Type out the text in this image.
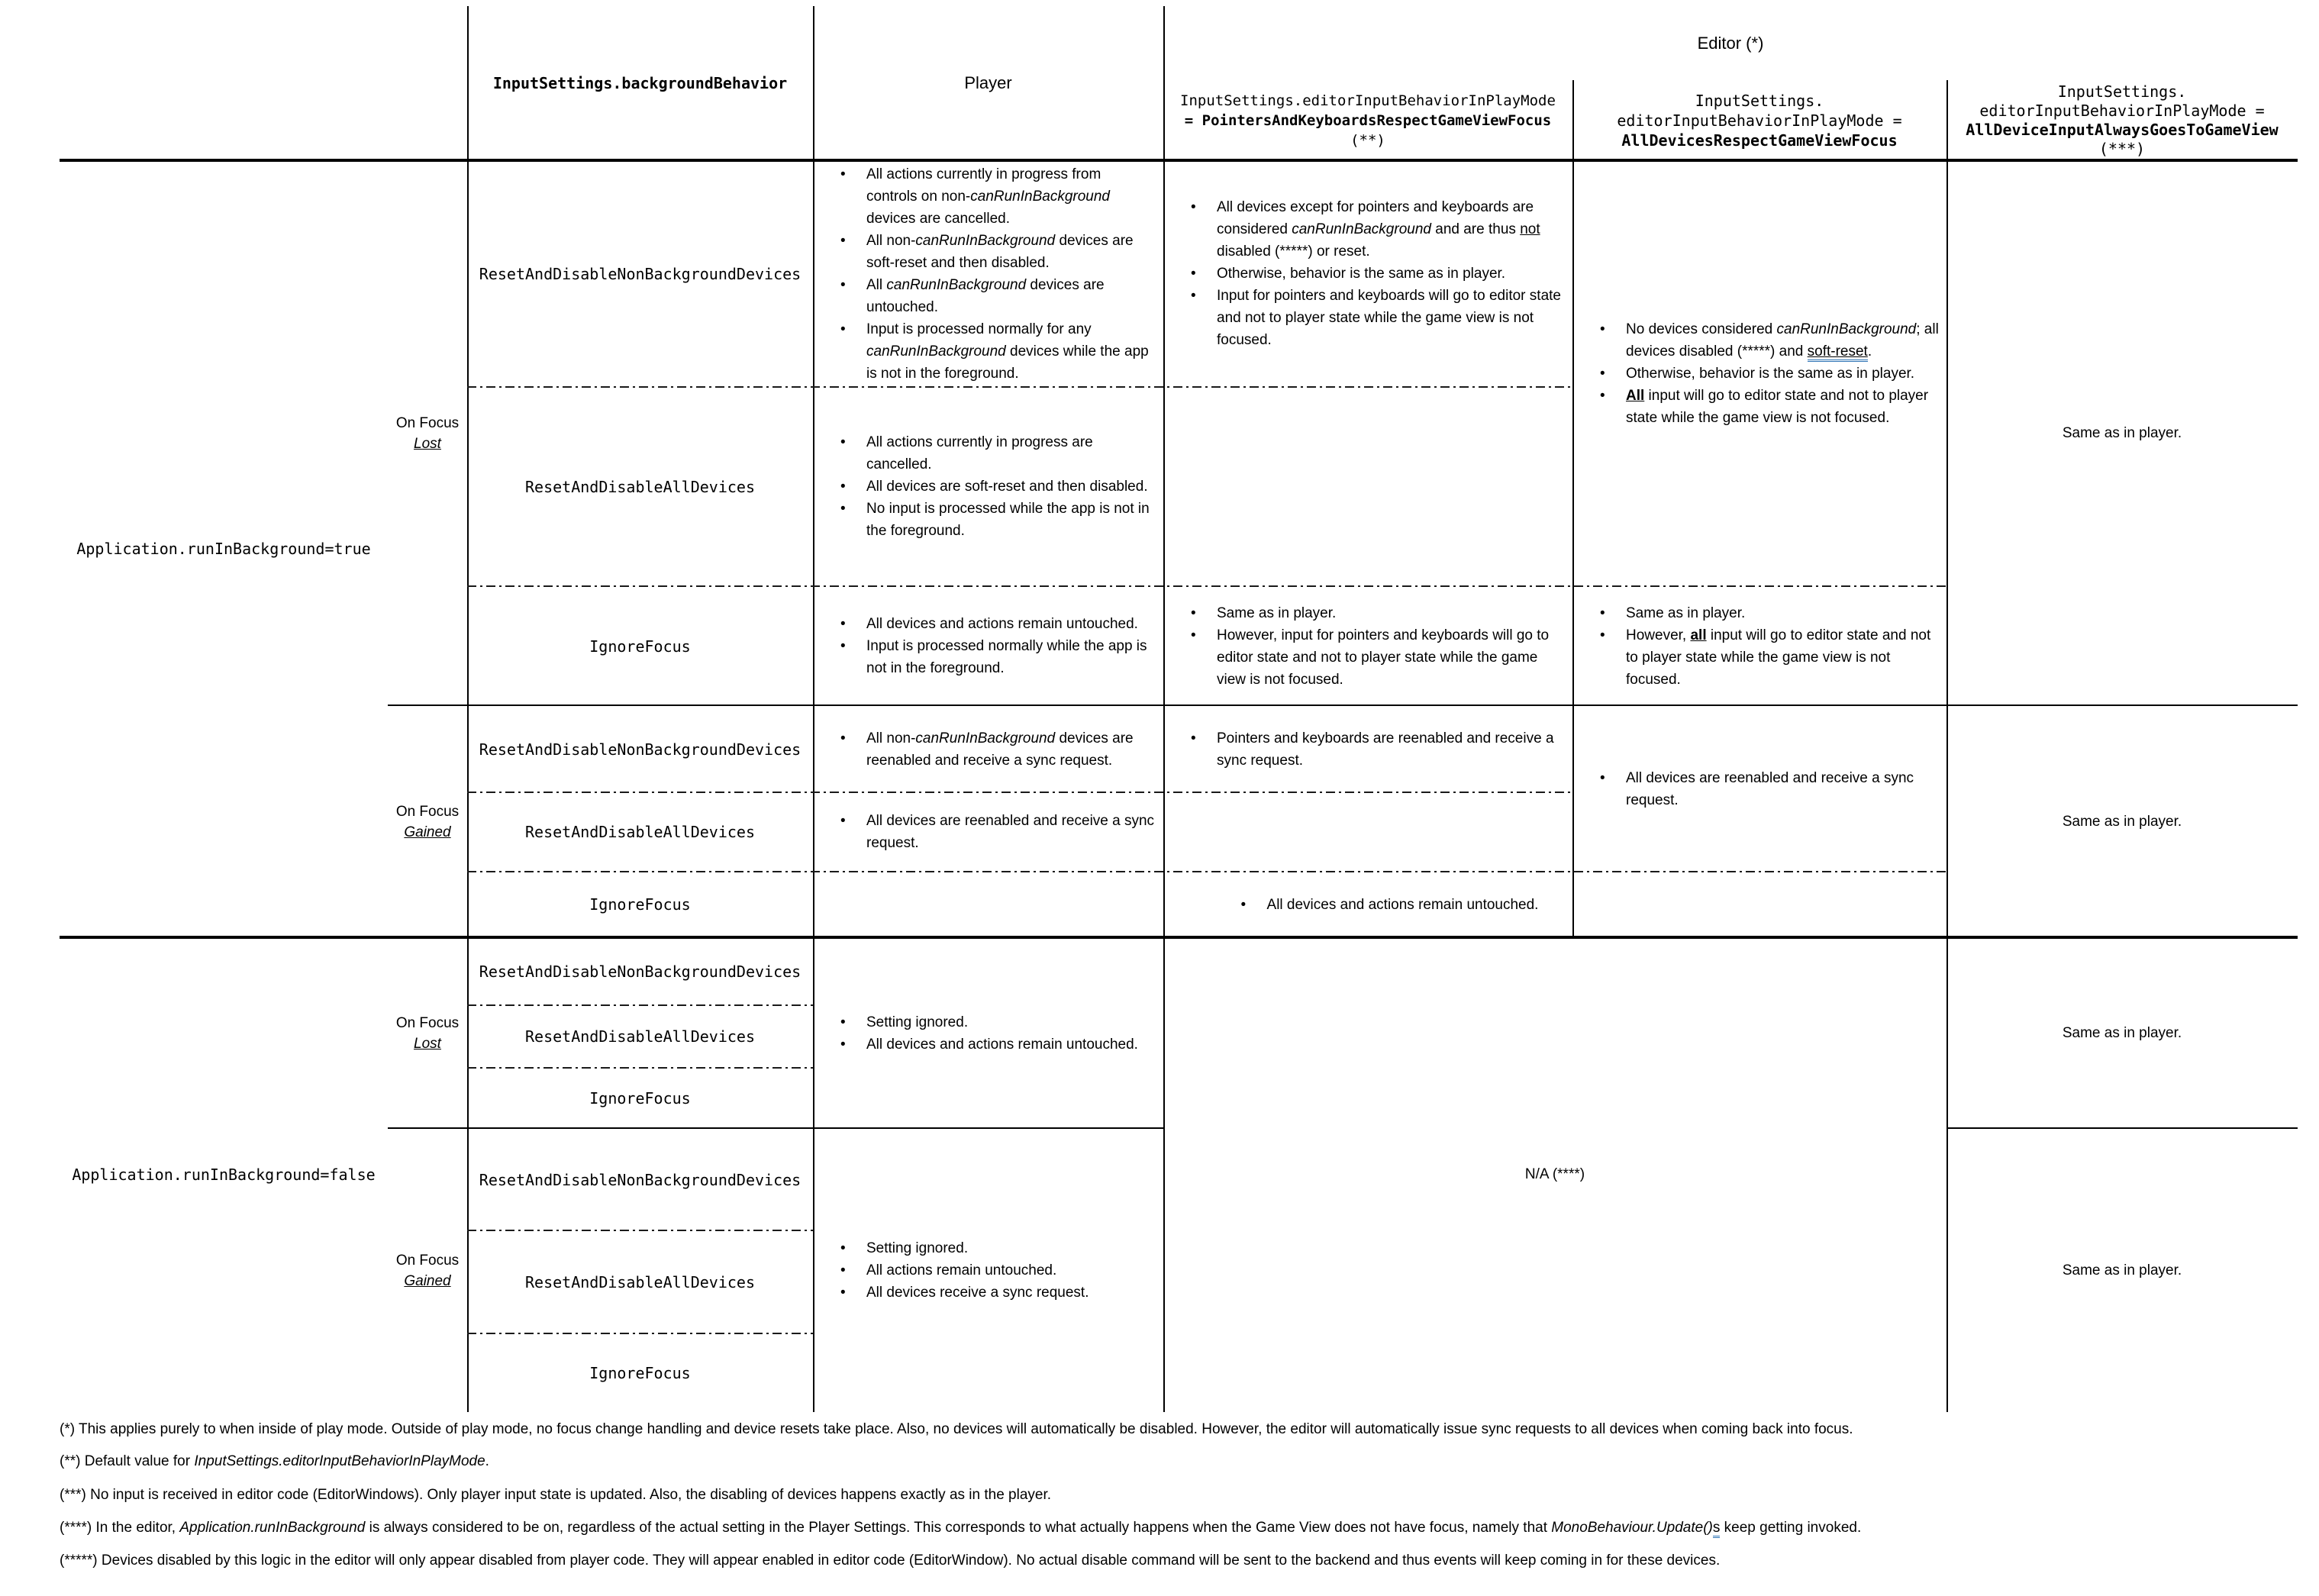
Editor (*)
InputSettings.backgroundBehavior	Player
InputSettings.editorInputBehaviorInPlayMode
= PointersAndKeyboardsRespectGameViewFocus
(**)
InputSettings.
editorInputBehaviorInPlayMode =
AllDevicesRespectGameViewFocus
InputSettings.
editorInputBehaviorInPlayMode =
AllDeviceInputAlwaysGoesToGameView
(***)
Application.runInBackground=true
Application.runInBackground=false
On Focus
Lost
On Focus
Gained
On Focus
Lost
On Focus
Gained
ResetAndDisableNonBackgroundDevices
ResetAndDisableAllDevices
IgnoreFocus
ResetAndDisableNonBackgroundDevices
ResetAndDisableAllDevices
IgnoreFocus
ResetAndDisableNonBackgroundDevices
ResetAndDisableAllDevices
IgnoreFocus
ResetAndDisableNonBackgroundDevices
ResetAndDisableAllDevices
IgnoreFocus
• All actions currently in progress from controls on non-canRunInBackground devices are cancelled.
• All non-canRunInBackground devices are soft-reset and then disabled.
• All canRunInBackground devices are untouched.
• Input is processed normally for any canRunInBackground devices while the app is not in the foreground.
• All actions currently in progress are cancelled.
• All devices are soft-reset and then disabled.
• No input is processed while the app is not in the foreground.
• All devices and actions remain untouched.
• Input is processed normally while the app is not in the foreground.
• All devices except for pointers and keyboards are considered canRunInBackground and are thus not disabled (*****) or reset.
• Otherwise, behavior is the same as in player.
• Input for pointers and keyboards will go to editor state and not to player state while the game view is not focused.
• Same as in player.
• However, input for pointers and keyboards will go to editor state and not to player state while the game view is not focused.
• No devices considered canRunInBackground; all devices disabled (*****) and soft-reset.
• Otherwise, behavior is the same as in player.
• All input will go to editor state and not to player state while the game view is not focused.
• Same as in player.
• However, all input will go to editor state and not to player state while the game view is not focused.
• All non-canRunInBackground devices are reenabled and receive a sync request.
• Pointers and keyboards are reenabled and receive a sync request.
• All devices are reenabled and receive a sync request.
• All devices are reenabled and receive a sync request.
• All devices and actions remain untouched.
• Setting ignored.
• All devices and actions remain untouched.
• Setting ignored.
• All actions remain untouched.
• All devices receive a sync request.
N/A (****)
Same as in player.
Same as in player.
Same as in player.
Same as in player.
(*) This applies purely to when inside of play mode. Outside of play mode, no focus change handling and device resets take place. Also, no devices will automatically be disabled. However, the editor will automatically issue sync requests to all devices when coming back into focus.
(**) Default value for InputSettings.editorInputBehaviorInPlayMode.
(***) No input is received in editor code (EditorWindows). Only player input state is updated. Also, the disabling of devices happens exactly as in the player.
(****) In the editor, Application.runInBackground is always considered to be on, regardless of the actual setting in the Player Settings. This corresponds to what actually happens when the Game View does not have focus, namely that MonoBehaviour.Update()s keep getting invoked.
(*****) Devices disabled by this logic in the editor will only appear disabled from player code. They will appear enabled in editor code (EditorWindow). No actual disable command will be sent to the backend and thus events will keep coming in for these devices.
